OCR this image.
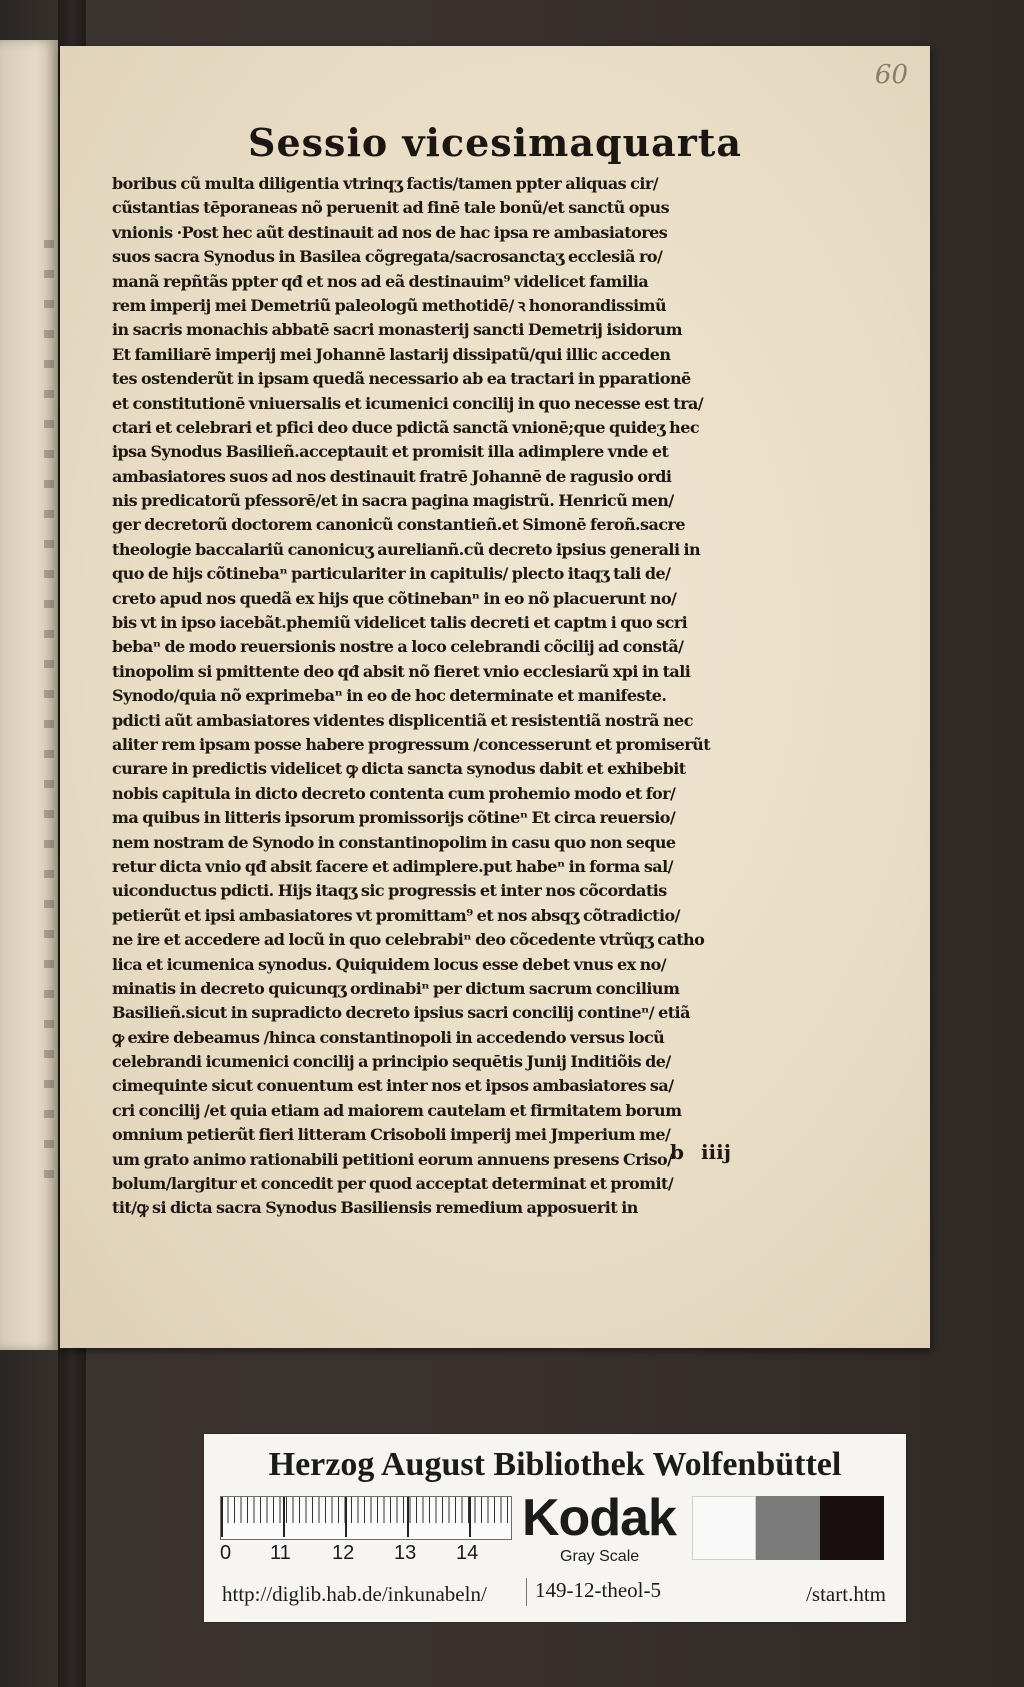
60
Sessio vicesimaquarta
boribus cũ multa diligentia vtrinqʒ factis/tamen ppter aliquas cir/
cũstantias tēporaneas nõ peruenit ad finē tale bonũ/et sanctũ opus
vnionis ·Post hec aũt destinauit ad nos de hac ipsa re ambasiatores
suos sacra Synodus in Basilea cõgregata/sacrosanctaʒ ecclesiã ro/
manã repñtãs ppter qđ et nos ad eã destinauim⁹ videlicet familia
rem imperij mei Demetriũ paleologũ methotidē/ ꝛ honorandissimũ
in sacris monachis abbatē sacri monasterij sancti Demetrij isidorum
Et familiarē imperij mei Johannē lastarij dissipatũ/qui illic acceden
tes ostenderũt in ipsam quedã necessario ab ea tractari in pparationē
et constitutionē vniuersalis et icumenici concilij in quo necesse est tra/
ctari et celebrari et pfici deo duce pdictã sanctã vnionē;que quideʒ hec
ipsa Synodus Basilieñ.acceptauit et promisit illa adimplere vnde et
ambasiatores suos ad nos destinauit fratrē Johannē de ragusio ordi
nis predicatorũ pfessorē/et in sacra pagina magistrũ. Henricũ men/
ger decretorũ doctorem canonicũ constantieñ.et Simonē feroñ.sacre
theologie baccalariũ canonicuʒ aurelianñ.cũ decreto ipsius generali in
quo de hijs cõtinebaⁿ particulariter in capitulis/ plecto itaqʒ tali de/
creto apud nos quedã ex hijs que cõtinebanⁿ in eo nõ placuerunt no/
bis vt in ipso iacebãt.phemiũ videlicet talis decreti et captm i quo scri
bebaⁿ de modo reuersionis nostre a loco celebrandi cõcilij ad constã/
tinopolim si pmittente deo qđ absit nõ fieret vnio ecclesiarũ xpi in tali
Synodo/quia nõ exprimebaⁿ in eo de hoc determinate et manifeste.
pdicti aũt ambasiatores videntes displicentiã et resistentiã nostrã nec
aliter rem ipsam posse habere progressum /concesserunt et promiserũt
curare in predictis videlicet ꝙ dicta sancta synodus dabit et exhibebit
nobis capitula in dicto decreto contenta cum prohemio modo et for/
ma quibus in litteris ipsorum promissorijs cõtineⁿ Et circa reuersio/
nem nostram de Synodo in constantinopolim in casu quo non seque
retur dicta vnio qđ absit facere et adimplere.put habeⁿ in forma sal/
uiconductus pdicti. Hijs itaqʒ sic progressis et inter nos cõcordatis
petierũt et ipsi ambasiatores vt promittam⁹ et nos absqʒ cõtradictio/
ne ire et accedere ad locũ in quo celebrabiⁿ deo cõcedente vtrũqʒ catho
lica et icumenica synodus. Quiquidem locus esse debet vnus ex no/
minatis in decreto quicunqʒ ordinabiⁿ per dictum sacrum concilium
Basilieñ.sicut in supradicto decreto ipsius sacri concilij contineⁿ/ etiã
ꝙ exire debeamus /hinca constantinopoli in accedendo versus locũ
celebrandi icumenici concilij a principio sequētis Junij Inditiõis de/
cimequinte sicut conuentum est inter nos et ipsos ambasiatores sa/
cri concilij /et quia etiam ad maiorem cautelam et firmitatem borum
omnium petierũt fieri litteram Crisoboli imperij mei Jmperium me/
um grato animo rationabili petitioni eorum annuens presens Criso/
bolum/largitur et concedit per quod acceptat determinat et promit/
tit/ꝙ si dicta sacra Synodus Basiliensis remedium apposuerit in
b iiij
Herzog August Bibliothek Wolfenbüttel
0 11 12 13 14
Kodak
Gray Scale
http://diglib.hab.de/inkunabeln/	149-12-theol-5	/start.htm
